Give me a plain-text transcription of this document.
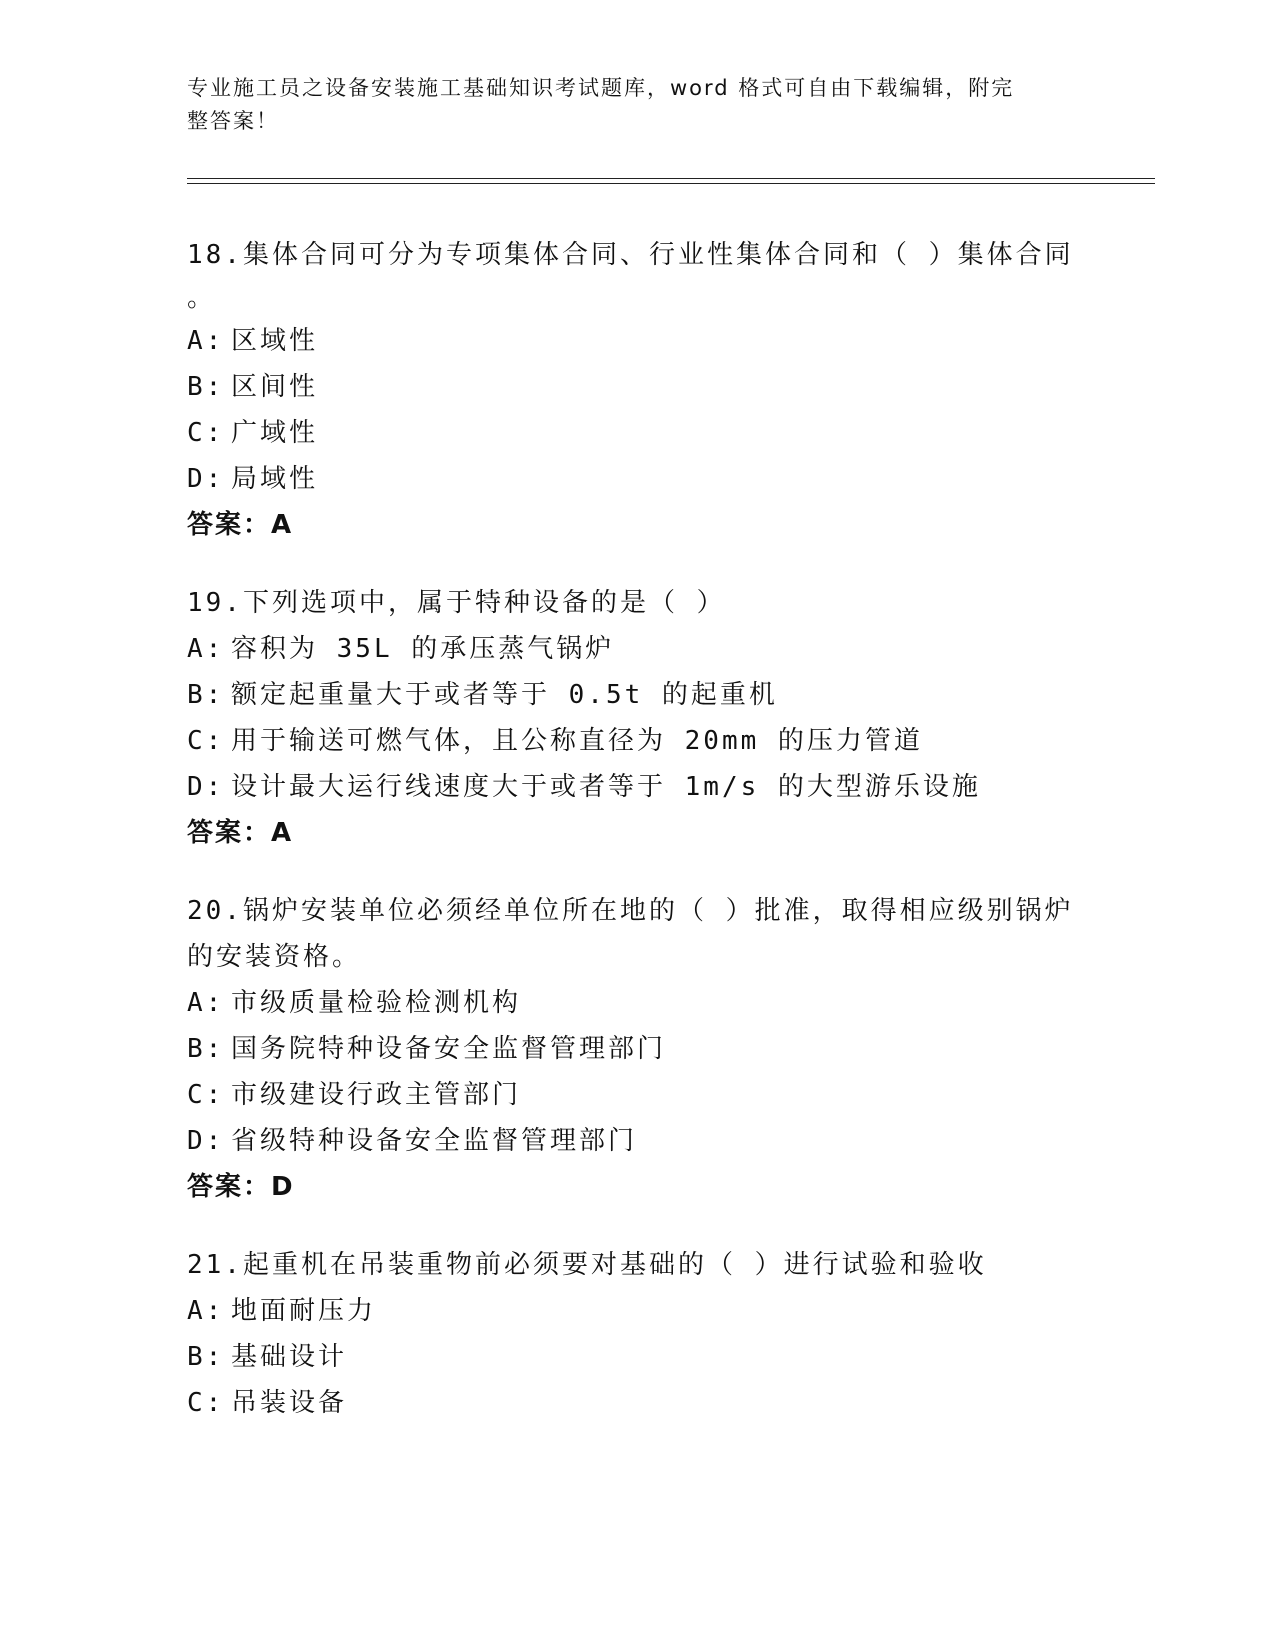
专业施工员之设备安装施工基础知识考试题库，word 格式可自由下载编辑，附完
整答案！

18.集体合同可分为专项集体合同、行业性集体合同和（ ）集体合同

。

A: 区域性
B: 区间性
C: 广域性
D: 局域性
答案：A

19.下列选项中，属于特种设备的是（ ）

A: 容积为 35L 的承压蒸气锅炉
B: 额定起重量大于或者等于 0.5t 的起重机
C: 用于输送可燃气体，且公称直径为 20mm 的压力管道
D: 设计最大运行线速度大于或者等于 1m/s 的大型游乐设施
答案：A

20.锅炉安装单位必须经单位所在地的（ ）批准，取得相应级别锅炉

的安装资格。

A: 市级质量检验检测机构
B: 国务院特种设备安全监督管理部门
C: 市级建设行政主管部门
D: 省级特种设备安全监督管理部门
答案：D

21.起重机在吊装重物前必须要对基础的（ ）进行试验和验收

A: 地面耐压力
B: 基础设计
C: 吊装设备
